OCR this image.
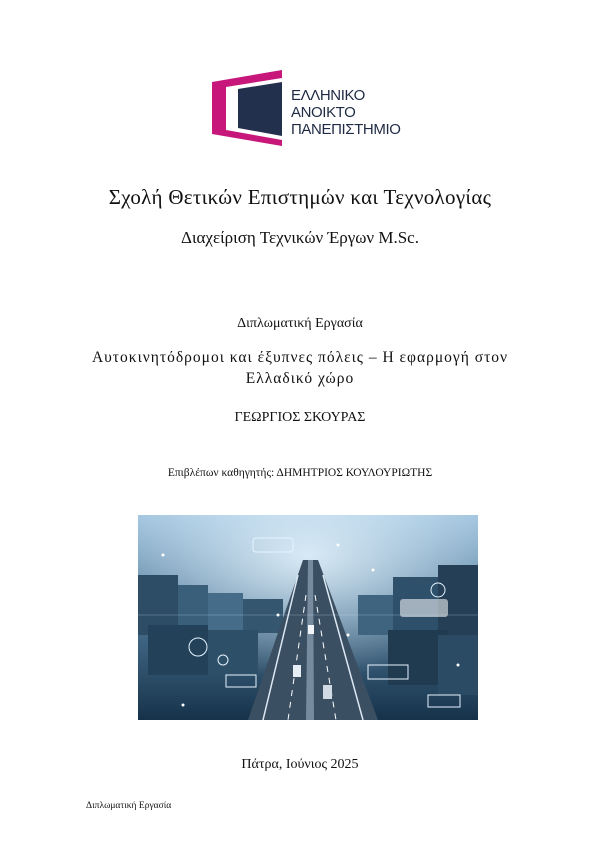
ΕΛΛΗΝΙΚΟ
ΑΝΟΙΚΤΟ
ΠΑΝΕΠΙΣΤΗΜΙΟ
Σχολή Θετικών Επιστημών και Τεχνολογίας
Διαχείριση Τεχνικών Έργων M.Sc.
Διπλωματική Εργασία
Αυτοκινητόδρομοι και έξυπνες πόλεις – Η εφαρμογή στον
Ελλαδικό χώρο
ΓΕΩΡΓΙΟΣ ΣΚΟΥΡΑΣ
Επιβλέπων καθηγητής: ΔΗΜΗΤΡΙΟΣ ΚΟΥΛΟΥΡΙΩΤΗΣ
Πάτρα, Ιούνιος 2025
Διπλωματική Εργασία
